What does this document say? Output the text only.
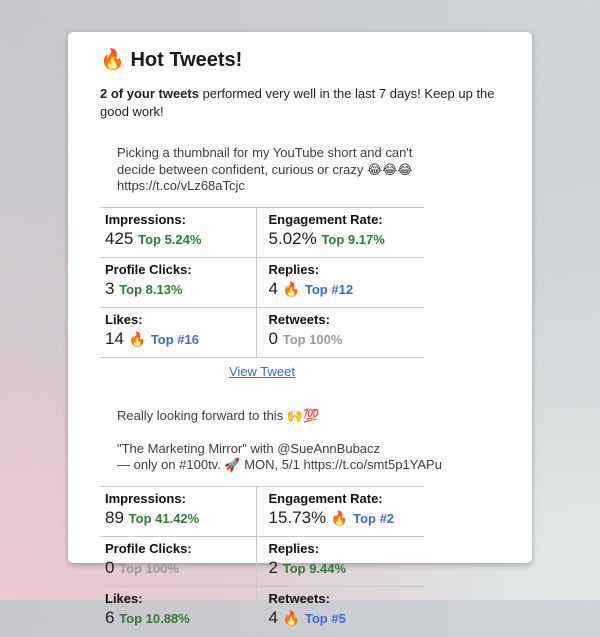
🔥 Hot Tweets!
2 of your tweets performed very well in the last 7 days! Keep up the good work!
Picking a thumbnail for my YouTube short and can't
decide between confident, curious or crazy 😂😂😂
https://t.co/vLz68aTcjc
Impressions:
425 Top 5.24%
Engagement Rate:
5.02% Top 9.17%
Profile Clicks:
3 Top 8.13%
Replies:
4 🔥 Top #12
Likes:
14 🔥 Top #16
Retweets:
0 Top 100%
View Tweet
Really looking forward to this 🙌💯
"The Marketing Mirror" with @SueAnnBubacz
— only on #100tv. 🚀 MON, 5/1 https://t.co/smt5p1YAPu
Impressions:
89 Top 41.42%
Engagement Rate:
15.73% 🔥 Top #2
Profile Clicks:
0 Top 100%
Replies:
2 Top 9.44%
Likes:
6 Top 10.88%
Retweets:
4 🔥 Top #5
